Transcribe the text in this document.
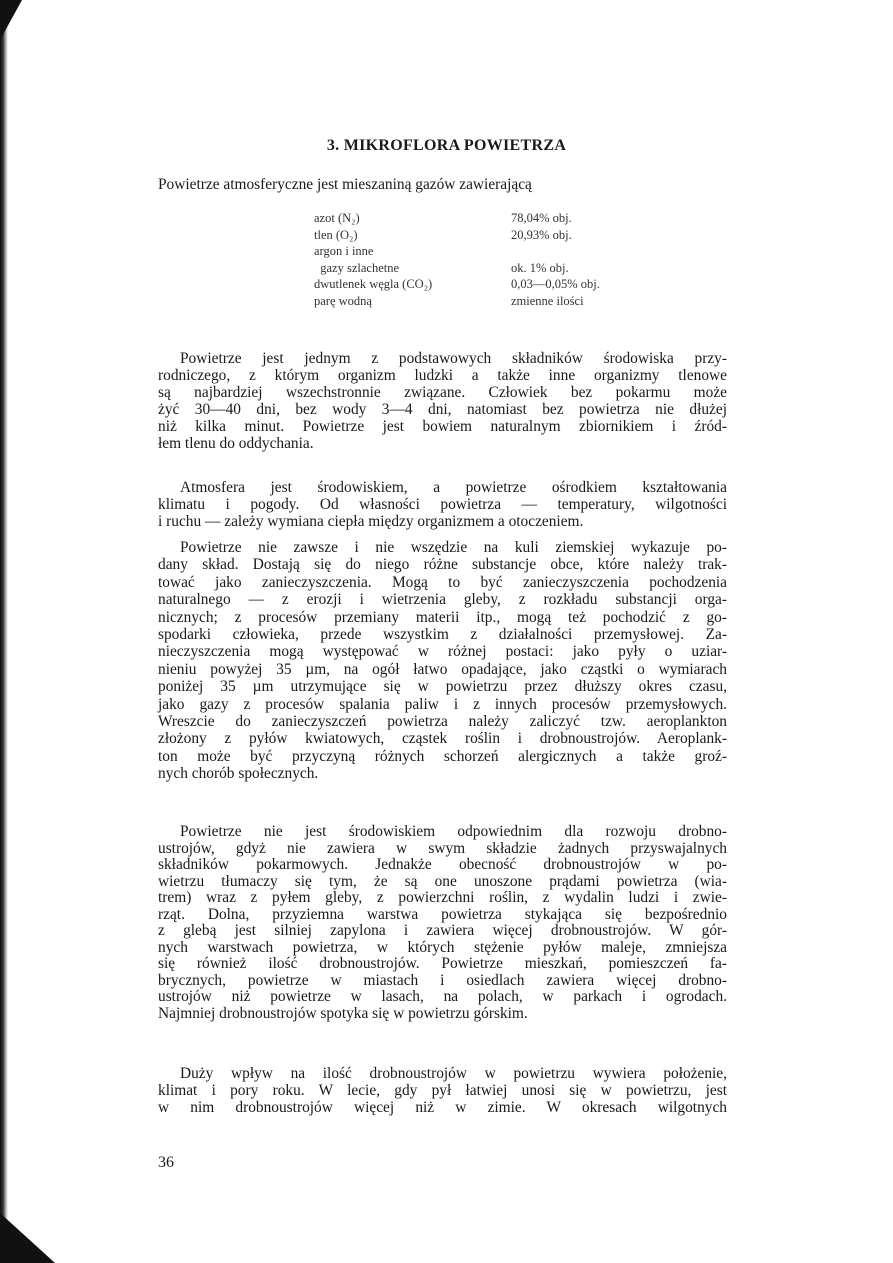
3. MIKROFLORA POWIETRZA
Powietrze atmosferyczne jest mieszaniną gazów zawierającą
azot (N₂)	78,04% obj.
tlen (O₂)	20,93% obj.
argon i inne
gazy szlachetne	ok. 1% obj.
dwutlenek węgla (CO₂)	0,03—0,05% obj.
parę wodną	zmienne ilości
Powietrze jest jednym z podstawowych składników środowiska przy-
rodniczego, z którym organizm ludzki a także inne organizmy tlenowe
są najbardziej wszechstronnie związane. Człowiek bez pokarmu może
żyć 30—40 dni, bez wody 3—4 dni, natomiast bez powietrza nie dłużej
niż kilka minut. Powietrze jest bowiem naturalnym zbiornikiem i źród-
łem tlenu do oddychania.
Atmosfera jest środowiskiem, a powietrze ośrodkiem kształtowania
klimatu i pogody. Od własności powietrza — temperatury, wilgotności
i ruchu — zależy wymiana ciepła między organizmem a otoczeniem.
Powietrze nie zawsze i nie wszędzie na kuli ziemskiej wykazuje po-
dany skład. Dostają się do niego różne substancje obce, które należy trak-
tować jako zanieczyszczenia. Mogą to być zanieczyszczenia pochodzenia
naturalnego — z erozji i wietrzenia gleby, z rozkładu substancji orga-
nicznych; z procesów przemiany materii itp., mogą też pochodzić z go-
spodarki człowieka, przede wszystkim z działalności przemysłowej. Za-
nieczyszczenia mogą występować w różnej postaci: jako pyły o uziar-
nieniu powyżej 35 µm, na ogół łatwo opadające, jako cząstki o wymiarach
poniżej 35 µm utrzymujące się w powietrzu przez dłuższy okres czasu,
jako gazy z procesów spalania paliw i z innych procesów przemysłowych.
Wreszcie do zanieczyszczeń powietrza należy zaliczyć tzw. aeroplankton
złożony z pyłów kwiatowych, cząstek roślin i drobnoustrojów. Aeroplank-
ton może być przyczyną różnych schorzeń alergicznych a także groź-
nych chorób społecznych.
Powietrze nie jest środowiskiem odpowiednim dla rozwoju drobno-
ustrojów, gdyż nie zawiera w swym składzie żadnych przyswajalnych
składników pokarmowych. Jednakże obecność drobnoustrojów w po-
wietrzu tłumaczy się tym, że są one unoszone prądami powietrza (wia-
trem) wraz z pyłem gleby, z powierzchni roślin, z wydalin ludzi i zwie-
rząt. Dolna, przyziemna warstwa powietrza stykająca się bezpośrednio
z glebą jest silniej zapylona i zawiera więcej drobnoustrojów. W gór-
nych warstwach powietrza, w których stężenie pyłów maleje, zmniejsza
się również ilość drobnoustrojów. Powietrze mieszkań, pomieszczeń fa-
brycznych, powietrze w miastach i osiedlach zawiera więcej drobno-
ustrojów niż powietrze w lasach, na polach, w parkach i ogrodach.
Najmniej drobnoustrojów spotyka się w powietrzu górskim.
Duży wpływ na ilość drobnoustrojów w powietrzu wywiera położenie,
klimat i pory roku. W lecie, gdy pył łatwiej unosi się w powietrzu, jest
w nim drobnoustrojów więcej niż w zimie. W okresach wilgotnych
36
